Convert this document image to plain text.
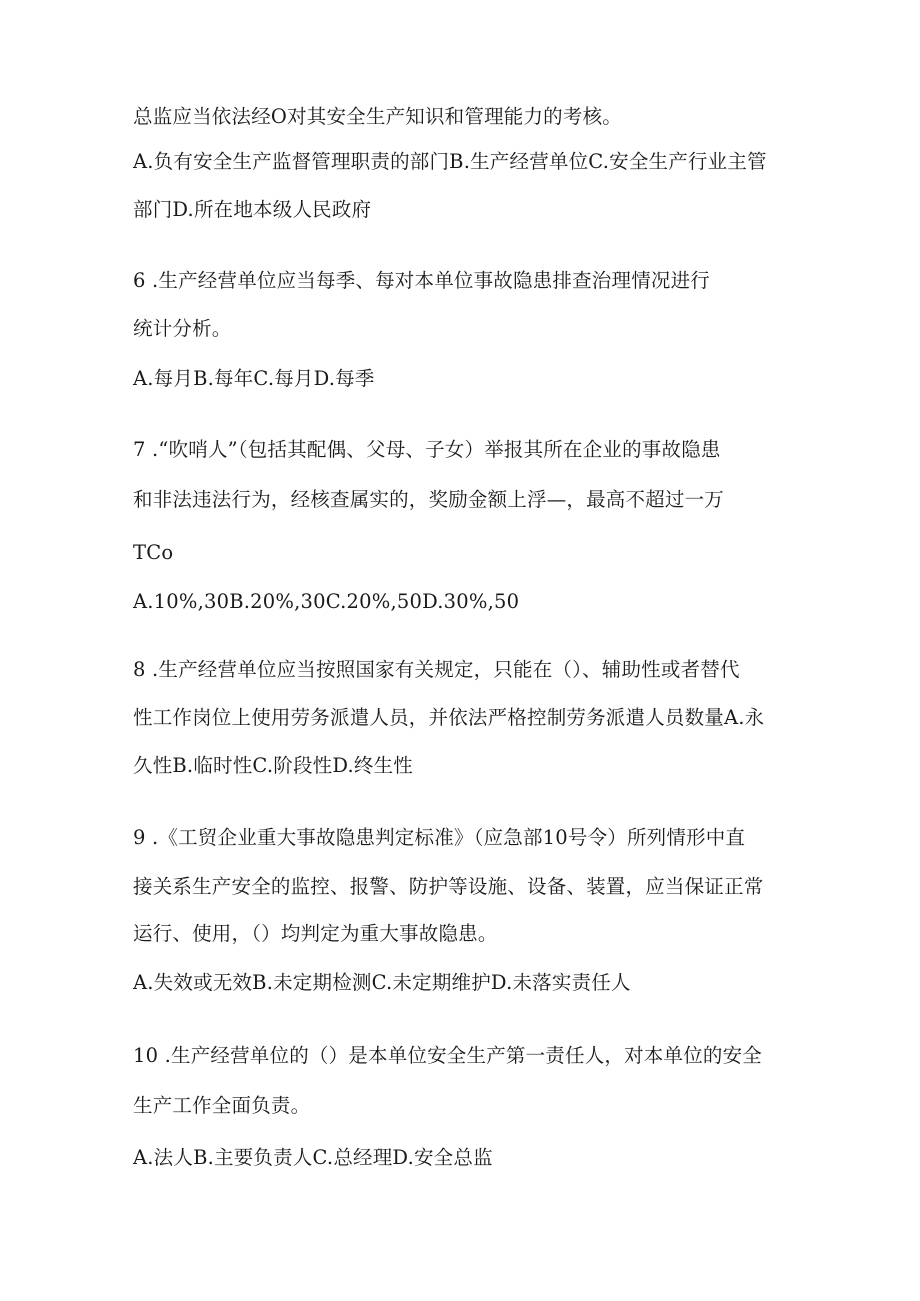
总监应当依法经O对其安全生产知识和管理能力的考核。
A.负有安全生产监督管理职责的部门B.生产经营单位C.安全生产行业主管
部门D.所在地本级人民政府
6 .生产经营单位应当每季、每对本单位事故隐患排查治理情况进行
统计分析。
A.每月B.每年C.每月D.每季
7 .“吹哨人”（包括其配偶、父母、子女）举报其所在企业的事故隐患
和非法违法行为，经核查属实的，奖励金额上浮—，最高不超过一万
TCo
A.10%,30B.20%,30C.20%,50D.30%,50
8 .生产经营单位应当按照国家有关规定，只能在（）、辅助性或者替代
性工作岗位上使用劳务派遣人员，并依法严格控制劳务派遣人员数量A.永
久性B.临时性C.阶段性D.终生性
9 .《工贸企业重大事故隐患判定标准》（应急部10号令）所列情形中直
接关系生产安全的监控、报警、防护等设施、设备、装置，应当保证正常
运行、使用，（）均判定为重大事故隐患。
A.失效或无效B.未定期检测C.未定期维护D.未落实责任人
10 .生产经营单位的（）是本单位安全生产第一责任人，对本单位的安全
生产工作全面负责。
A.法人B.主要负责人C.总经理D.安全总监
